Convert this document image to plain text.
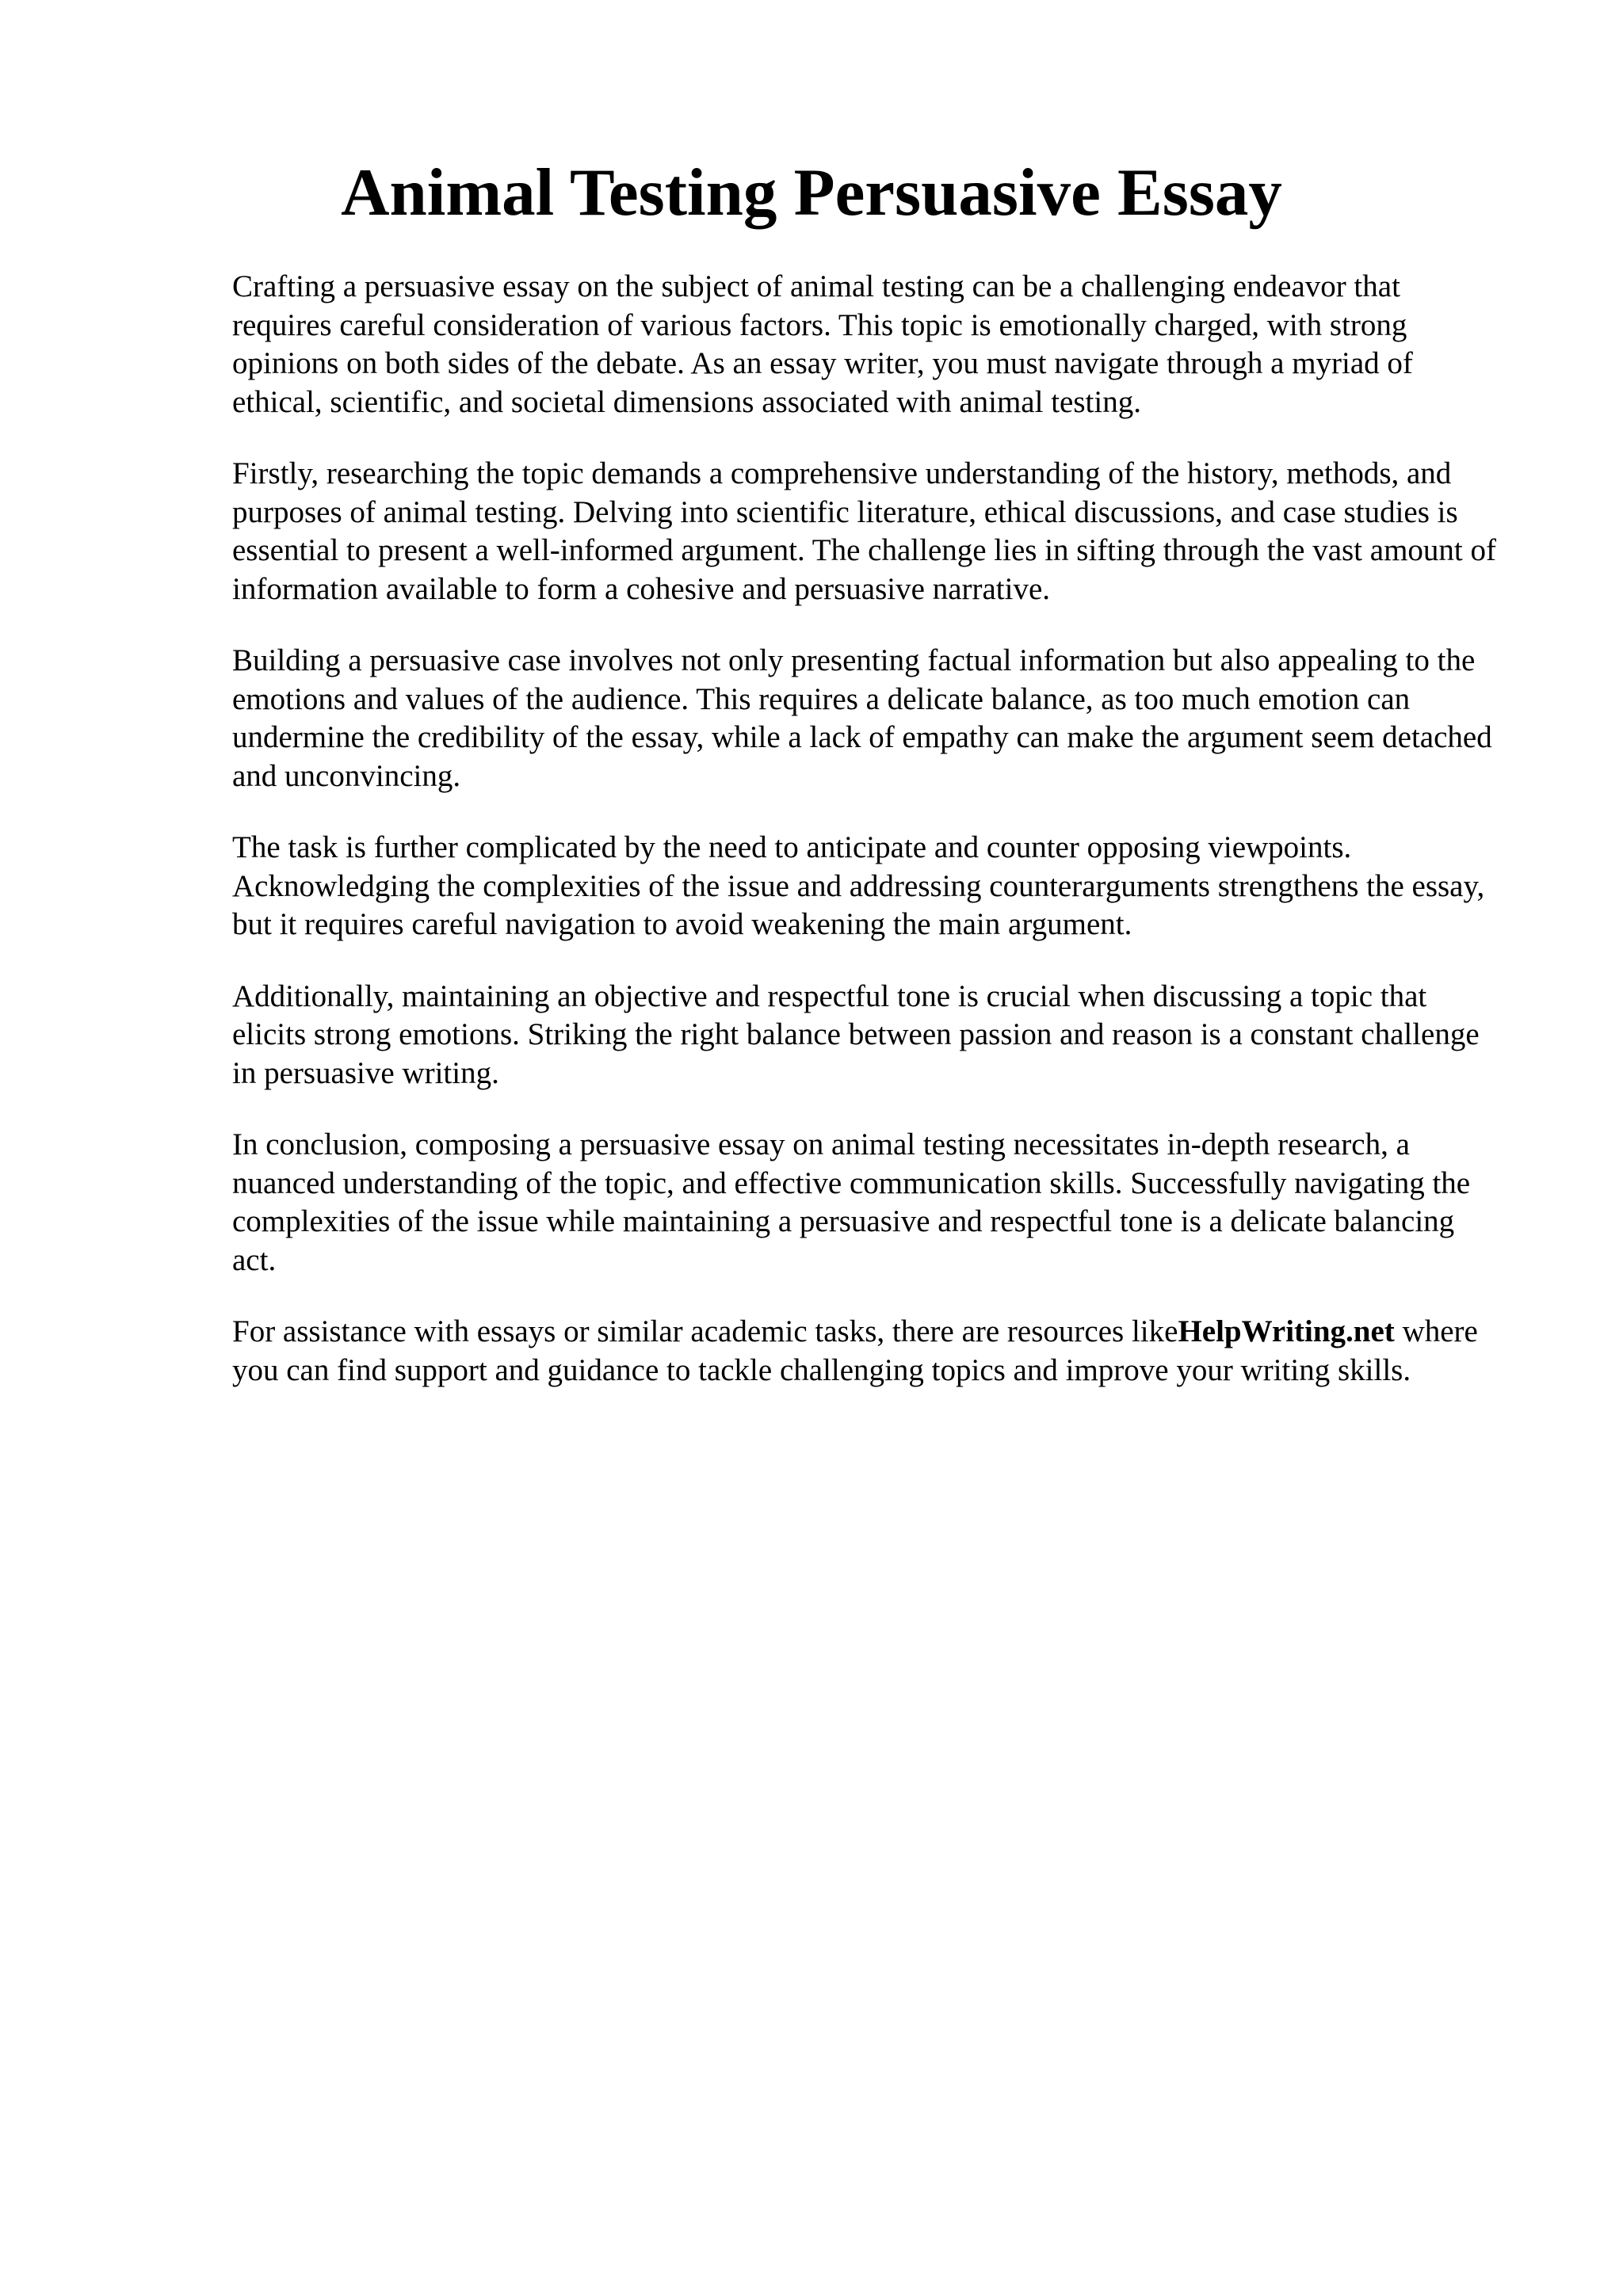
Animal Testing Persuasive Essay

Crafting a persuasive essay on the subject of animal testing can be a challenging endeavor that requires careful consideration of various factors. This topic is emotionally charged, with strong opinions on both sides of the debate. As an essay writer, you must navigate through a myriad of ethical, scientific, and societal dimensions associated with animal testing.

Firstly, researching the topic demands a comprehensive understanding of the history, methods, and purposes of animal testing. Delving into scientific literature, ethical discussions, and case studies is essential to present a well-informed argument. The challenge lies in sifting through the vast amount of information available to form a cohesive and persuasive narrative.

Building a persuasive case involves not only presenting factual information but also appealing to the emotions and values of the audience. This requires a delicate balance, as too much emotion can undermine the credibility of the essay, while a lack of empathy can make the argument seem detached and unconvincing.

The task is further complicated by the need to anticipate and counter opposing viewpoints. Acknowledging the complexities of the issue and addressing counterarguments strengthens the essay, but it requires careful navigation to avoid weakening the main argument.

Additionally, maintaining an objective and respectful tone is crucial when discussing a topic that elicits strong emotions. Striking the right balance between passion and reason is a constant challenge in persuasive writing.

In conclusion, composing a persuasive essay on animal testing necessitates in-depth research, a nuanced understanding of the topic, and effective communication skills. Successfully navigating the complexities of the issue while maintaining a persuasive and respectful tone is a delicate balancing act.

For assistance with essays or similar academic tasks, there are resources likeHelpWriting.net where you can find support and guidance to tackle challenging topics and improve your writing skills.
